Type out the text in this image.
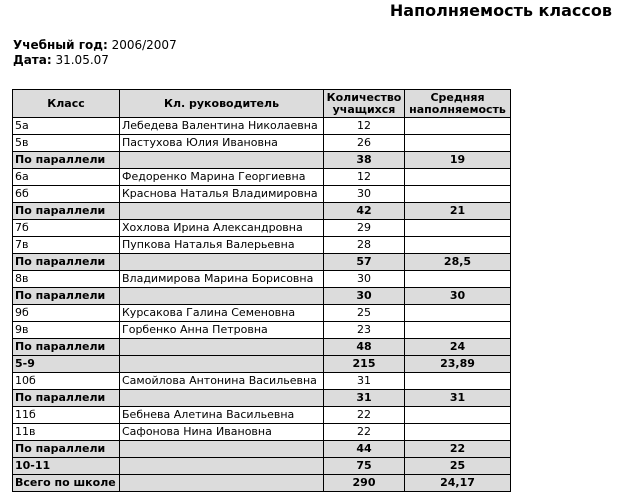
Наполняемость классов
Учебный год: 2006/2007
Дата: 31.05.07
Класс	Кл. руководитель	Количество учащихся	Средняя наполняемость
5а	Лебедева Валентина Николаевна	12	
5в	Пастухова Юлия Ивановна	26	
По параллели		38	19
6а	Федоренко Марина Георгиевна	12	
6б	Краснова Наталья Владимировна	30	
По параллели		42	21
7б	Хохлова Ирина Александровна	29	
7в	Пупкова Наталья Валерьевна	28	
По параллели		57	28,5
8в	Владимирова Марина Борисовна	30	
По параллели		30	30
9б	Курсакова Галина Семеновна	25	
9в	Горбенко Анна Петровна	23	
По параллели		48	24
5-9		215	23,89
10б	Самойлова Антонина Васильевна	31	
По параллели		31	31
11б	Бебнева Алетина Васильевна	22	
11в	Сафонова Нина Ивановна	22	
По параллели		44	22
10-11		75	25
Всего по школе		290	24,17
